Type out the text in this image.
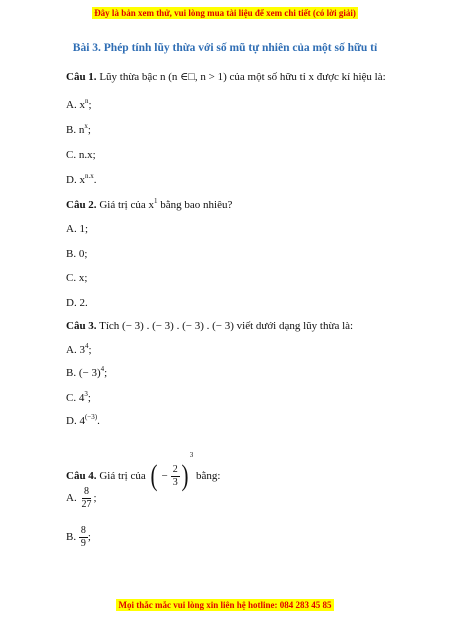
Đây là bản xem thử, vui lòng mua tài liệu để xem chi tiết (có lời giải)
Bài 3. Phép tính lũy thừa với số mũ tự nhiên của một số hữu tỉ
Câu 1. Lũy thừa bậc n (n ∈□, n > 1) của một số hữu tỉ x được kí hiệu là:
A. $x^n$;
B. $n^x$;
C. n.x;
D. $x^{n.x}$.
Câu 2. Giá trị của $x^1$ bằng bao nhiêu?
A. 1;
B. 0;
C. x;
D. 2.
Câu 3. Tích (− 3) . (− 3) . (− 3) . (− 3) viết dưới dạng lũy thừa là:
A. $3^4$;
B. (− 3)$^4$;
C. $4^3$;
D. $4^{(-3)}$.
Câu 4. Giá trị của ( − $\frac{2}{3} )^3$ bằng:
A. $\frac{8}{27}$ ;
B. $\frac{8}{9}$ ;
Mọi thắc mắc vui lòng xin liên hệ hotline: 084 283 45 85
